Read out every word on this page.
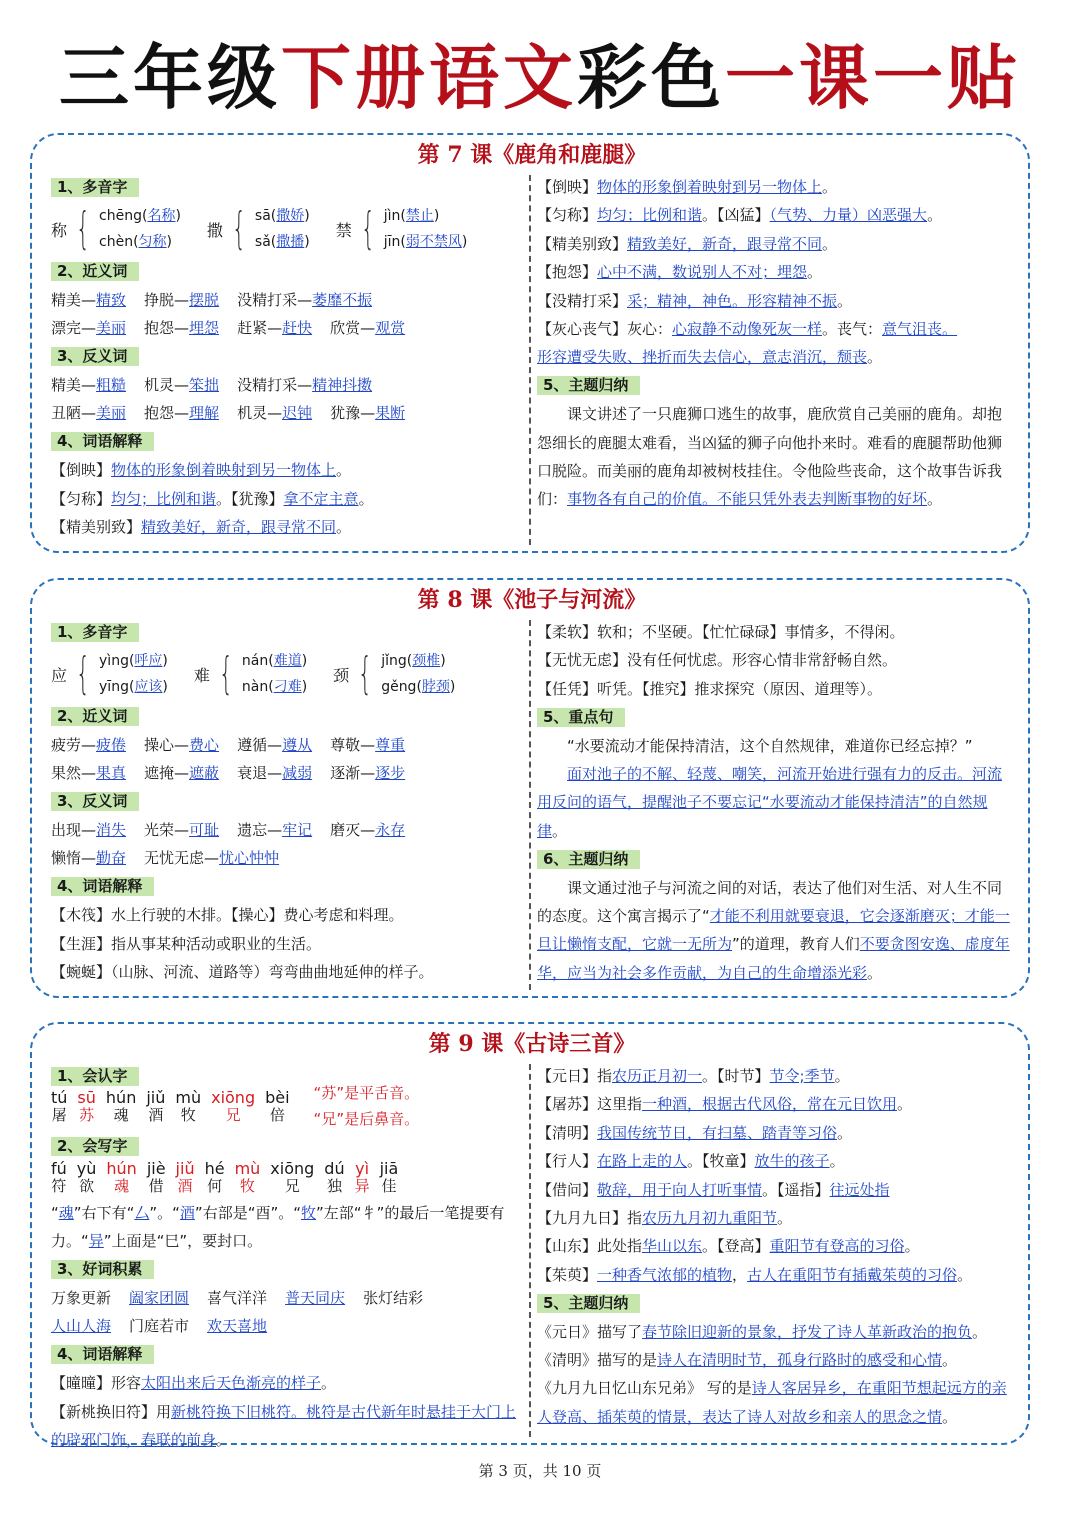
三年级下册语文彩色一课一贴
第 7 课《鹿角和鹿腿》
1、多音字
称 { chēng(名称)
chèn(匀称)
撒 { sā(撒娇)
sǎ(撒播)
禁 { jìn(禁止)
jīn(弱不禁风)
2、近义词
精美—精致 挣脱—摆脱 没精打采—萎靡不振
漂完—美丽 抱怨—埋怨 赶紧—赶快 欣赏—观赏
3、反义词
精美—粗糙 机灵—笨拙 没精打采—精神抖擞
丑陋—美丽 抱怨—理解 机灵—迟钝 犹豫—果断
4、词语解释
【倒映】物体的形象倒着映射到另一物体上。
【匀称】均匀；比例和谐。【犹豫】拿不定主意。
【精美别致】精致美好，新奇，跟寻常不同。
【倒映】物体的形象倒着映射到另一物体上。
【匀称】均匀；比例和谐。【凶猛】（气势、力量）凶恶强大。
【精美别致】精致美好，新奇，跟寻常不同。
【抱怨】心中不满，数说别人不对；埋怨。
【没精打采】采；精神，神色。形容精神不振。
【灰心丧气】灰心：心寂静不动像死灰一样。丧气：意气沮丧。
形容遭受失败、挫折而失去信心，意志消沉，颓丧。
5、主题归纳
课文讲述了一只鹿狮口逃生的故事，鹿欣赏自己美丽的鹿角。却抱怨细长的鹿腿太难看，当凶猛的狮子向他扑来时。难看的鹿腿帮助他狮口脱险。而美丽的鹿角却被树枝挂住。令他险些丧命，这个故事告诉我们：事物各有自己的价值。不能只凭外表去判断事物的好坏。
第 8 课《池子与河流》
1、多音字
应 { yìng(呼应)
yīng(应该)
难 { nán(难道)
nàn(刁难)
颈 { jǐng(颈椎)
gěng(脖颈)
2、近义词
疲劳—疲倦 操心—费心 遵循—遵从 尊敬—尊重
果然—果真 遮掩—遮蔽 衰退—减弱 逐渐—逐步
3、反义词
出现—消失 光荣—可耻 遗忘—牢记 磨灭—永存
懒惰—勤奋 无忧无虑—忧心忡忡
4、词语解释
【木筏】水上行驶的木排。【操心】费心考虑和料理。
【生涯】指从事某种活动或职业的生活。
【蜿蜒】（山脉、河流、道路等）弯弯曲曲地延伸的样子。
【柔软】软和；不坚硬。【忙忙碌碌】事情多，不得闲。
【无忧无虑】没有任何忧虑。形容心情非常舒畅自然。
【任凭】听凭。【推究】推求探究（原因、道理等）。
5、重点句
“水要流动才能保持清洁，这个自然规律，难道你已经忘掉？”
面对池子的不解、轻蔑、嘲笑，河流开始进行强有力的反击。河流用反问的语气，提醒池子不要忘记“水要流动才能保持清洁”的自然规律。
6、主题归纳
课文通过池子与河流之间的对话，表达了他们对生活、对人生不同的态度。这个寓言揭示了“才能不利用就要衰退，它会逐渐磨灭；才能一旦让懒惰支配，它就一无所为”的道理，教育人们不要贪图安逸、虚度年华，应当为社会多作贡献，为自己的生命增添光彩。
第 9 课《古诗三首》
1、会认字
tú
屠
sū
苏
hún
魂
jiǔ
酒
mù
牧
xiōng
兄
bèi
倍
“苏”是平舌音。
“兄”是后鼻音。
2、会写字
fú
符
yù
欲
hún
魂
jiè
借
jiǔ
酒
hé
何
mù
牧
xiōng
兄
dú
独
yì
异
jiā
佳
“魂”右下有“厶”。“酒”右部是“酉”。“牧”左部“牜”的最后一笔提要有力。“异”上面是“巳”，要封口。
3、好词积累
万象更新 阖家团圆 喜气洋洋 普天同庆 张灯结彩
人山人海 门庭若市 欢天喜地
4、词语解释
【曈曈】形容太阳出来后天色渐亮的样子。
【新桃换旧符】用新桃符换下旧桃符。桃符是古代新年时悬挂于大门上的辟邪门饰，春联的前身。
【元日】指农历正月初一。【时节】节令;季节。
【屠苏】这里指一种酒，根据古代风俗，常在元日饮用。
【清明】我国传统节日，有扫墓、踏青等习俗。
【行人】在路上走的人。【牧童】放牛的孩子。
【借问】敬辞，用于向人打听事情。【遥指】往远处指
【九月九日】指农历九月初九重阳节。
【山东】此处指华山以东。【登高】重阳节有登高的习俗。
【茱萸】一种香气浓郁的植物，古人在重阳节有插戴茱萸的习俗。
5、主题归纳
《元日》描写了春节除旧迎新的景象，抒发了诗人革新政治的抱负。
《清明》描写的是诗人在清明时节，孤身行路时的感受和心情。
《九月九日忆山东兄弟》 写的是诗人客居异乡，在重阳节想起远方的亲人登高、插茱萸的情景，表达了诗人对故乡和亲人的思念之情。
第 3 页，共 10 页
